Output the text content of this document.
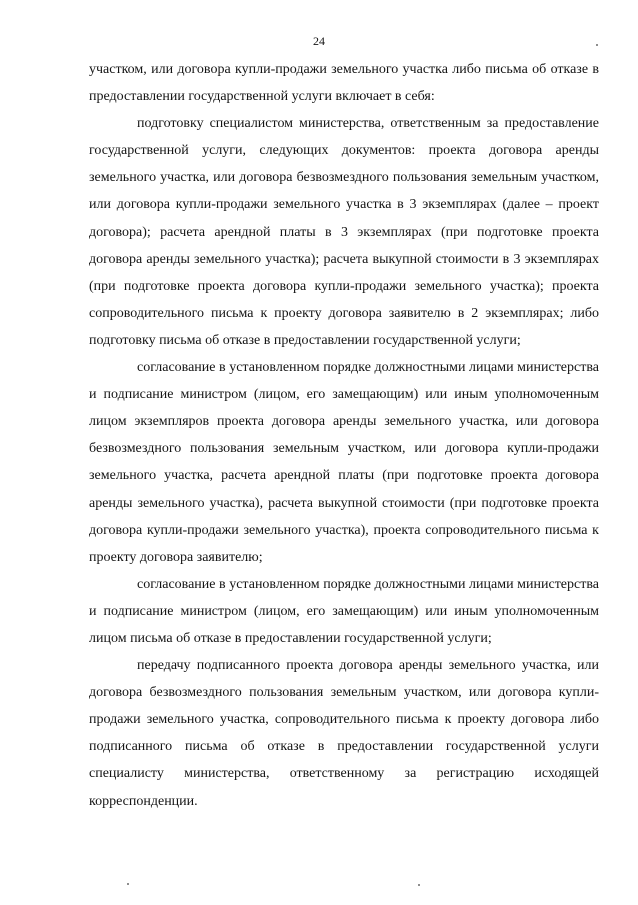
24

участком, или договора купли-продажи земельного участка либо письма об отказе в предоставлении государственной услуги включает в себя:

подготовку специалистом министерства, ответственным за предоставление государственной услуги, следующих документов: проекта договора аренды земельного участка, или договора безвозмездного пользования земельным участком, или договора купли-продажи земельного участка в 3 экземплярах (далее – проект договора); расчета арендной платы в 3 экземплярах (при подготовке проекта договора аренды земельного участка); расчета выкупной стоимости в 3 экземплярах (при подготовке проекта договора купли-продажи земельного участка); проекта сопроводительного письма к проекту договора заявителю в 2 экземплярах; либо подготовку письма об отказе в предоставлении государственной услуги;

согласование в установленном порядке должностными лицами министерства и подписание министром (лицом, его замещающим) или иным уполномоченным лицом экземпляров проекта договора аренды земельного участка, или договора безвозмездного пользования земельным участком, или договора купли-продажи земельного участка, расчета арендной платы (при подготовке проекта договора аренды земельного участка), расчета выкупной стоимости (при подготовке проекта договора купли-продажи земельного участка), проекта сопроводительного письма к проекту договора заявителю;

согласование в установленном порядке должностными лицами министерства и подписание министром (лицом, его замещающим) или иным уполномоченным лицом письма об отказе в предоставлении государственной услуги;

передачу подписанного проекта договора аренды земельного участка, или договора безвозмездного пользования земельным участком, или договора купли-продажи земельного участка, сопроводительного письма к проекту договора либо подписанного письма об отказе в предоставлении государственной услуги специалисту министерства, ответственному за регистрацию исходящей корреспонденции.
